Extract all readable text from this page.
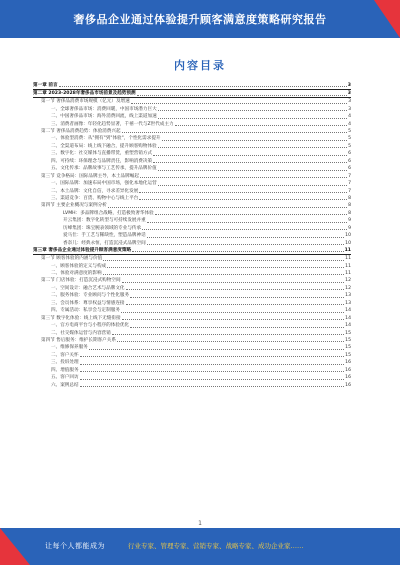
奢侈品企业通过体验提升顾客满意度策略研究报告
内容目录
第一章 前言	3
第二章 2023-2028年奢侈品市场前景及趋势预测	3
第一节 奢侈品消费市场规模（亿元）及增速	3
一、全球奢侈品市场：消费回暖，中国市场潜力巨大	3
二、中国奢侈品市场：海外消费回流，线上渠道加速	4
三、消费者画像：年轻化趋势显著，千禧一代与Z世代成主力	4
第二节 奢侈品消费趋势：体验消费兴起	5
一、体验型消费：从"拥有"到"体验"，个性化需求提升	5
二、全渠道布局：线上线下融合，提升顾客购物体验	5
三、数字化：社交媒体与直播带货，重塑营销方式	6
四、可持续：环保理念与品牌责任，影响消费决策	6
五、文化传承：品牌故事与工艺传承，提升品牌价值	6
第三节 竞争格局：国际品牌主导，本土品牌崛起	7
一、国际品牌：加速布局中国市场，强化本地化运营	7
二、本土品牌：文化自信，寻求差异化发展	7
三、渠道竞争：百货、购物中心与线上平台	8
第四节 主要企业概况与案例分析	8
LVMH：多品牌组合战略，打造极致奢华体验	8
开云集团：数字化转型与可持续发展并重	9
历峰集团：珠宝腕表领域的专业与传承	9
爱马仕：手工艺与稀缺性，塑造品牌神话	10
香奈儿：经典永恒，打造沉浸式品牌空间	10
第三章 奢侈品企业通过体验提升顾客满意度策略	11
第一节 顾客体验的内涵与价值	11
一、顾客体验的定义与构成	11
二、体验对满意度的影响	11
第二节 门店体验：打造沉浸式购物空间	12
一、空间设计：融合艺术与品牌文化	12
二、服务体验：专业顾问与个性化服务	13
三、会员体系：尊享权益与情感连接	13
四、专属活动：私享会与定制服务	14
第三节 数字化体验：线上线下无缝衔接	14
一、官方电商平台与小程序的体验优化	14
二、社交媒体运营与内容营销	15
第四节 售后服务：维护长期客户关系	15
一、维修保养服务	15
二、客户关怀	15
三、投诉处理	16
四、增值服务	16
五、客户回访	16
六、案例总结	16
1
让每个人都能成为	行业专家、管理专家、营销专家、战略专家、成功企业家……
